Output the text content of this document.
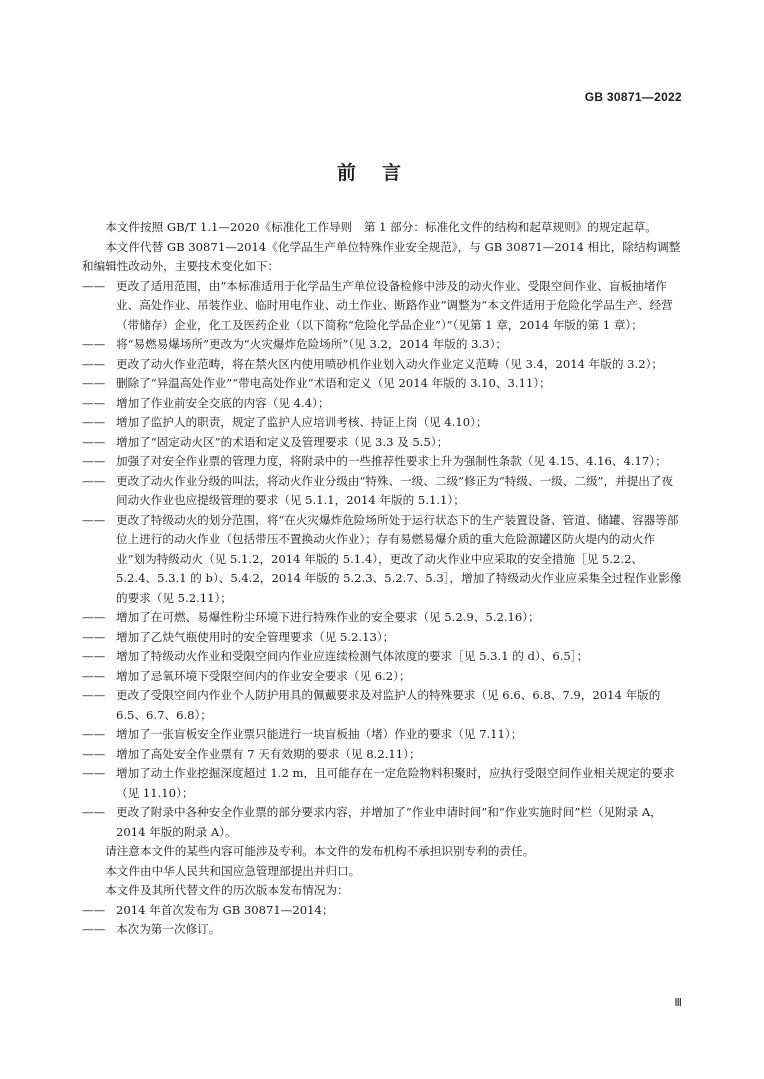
GB 30871—2022
前言

本文件按照 GB/T 1.1—2020《标准化工作导则　第 1 部分：标准化文件的结构和起草规则》的规定起草。

本文件代替 GB 30871—2014《化学品生产单位特殊作业安全规范》，与 GB 30871—2014 相比，除结构调整和编辑性改动外，主要技术变化如下：

—— 更改了适用范围，由“本标准适用于化学品生产单位设备检修中涉及的动火作业、受限空间作业、盲板抽堵作业、高处作业、吊装作业、临时用电作业、动土作业、断路作业”调整为“本文件适用于危险化学品生产、经营（带储存）企业，化工及医药企业（以下简称“危险化学品企业”）”（见第 1 章，2014 年版的第 1 章）；

—— 将“易燃易爆场所”更改为“火灾爆炸危险场所”（见 3.2，2014 年版的 3.3）；

—— 更改了动火作业范畴，将在禁火区内使用喷砂机作业划入动火作业定义范畴（见 3.4，2014 年版的 3.2）；

—— 删除了“异温高处作业”“带电高处作业”术语和定义（见 2014 年版的 3.10、3.11）；

—— 增加了作业前安全交底的内容（见 4.4）；

—— 增加了监护人的职责，规定了监护人应培训考核、持证上岗（见 4.10）；

—— 增加了“固定动火区”的术语和定义及管理要求（见 3.3 及 5.5）；

—— 加强了对安全作业票的管理力度，将附录中的一些推荐性要求上升为强制性条款（见 4.15、4.16、4.17）；

—— 更改了动火作业分级的叫法，将动火作业分级由“特殊、一级、二级”修正为“特级、一级、二级”，并提出了夜间动火作业也应提级管理的要求（见 5.1.1，2014 年版的 5.1.1）；

—— 更改了特级动火的划分范围，将“在火灾爆炸危险场所处于运行状态下的生产装置设备、管道、储罐、容器等部位上进行的动火作业（包括带压不置换动火作业）；存有易燃易爆介质的重大危险源罐区防火堤内的动火作业”划为特级动火（见 5.1.2，2014 年版的 5.1.4），更改了动火作业中应采取的安全措施［见 5.2.2、5.2.4、5.3.1 的 b）、5.4.2，2014 年版的 5.2.3、5.2.7、5.3］，增加了特级动火作业应采集全过程作业影像的要求（见 5.2.11）；

—— 增加了在可燃、易爆性粉尘环境下进行特殊作业的安全要求（见 5.2.9、5.2.16）；

—— 增加了乙炔气瓶使用时的安全管理要求（见 5.2.13）；

—— 增加了特级动火作业和受限空间内作业应连续检测气体浓度的要求［见 5.3.1 的 d）、6.5］；

—— 增加了忌氧环境下受限空间内的作业安全要求（见 6.2）；

—— 更改了受限空间内作业个人防护用具的佩戴要求及对监护人的特殊要求（见 6.6、6.8、7.9，2014 年版的 6.5、6.7、6.8）；

—— 增加了一张盲板安全作业票只能进行一块盲板抽（堵）作业的要求（见 7.11）；

—— 增加了高处安全作业票有 7 天有效期的要求（见 8.2.11）；

—— 增加了动土作业挖掘深度超过 1.2 m，且可能存在一定危险物料积聚时，应执行受限空间作业相关规定的要求（见 11.10）；

—— 更改了附录中各种安全作业票的部分要求内容，并增加了“作业申请时间”和“作业实施时间”栏（见附录 A，2014 年版的附录 A）。

请注意本文件的某些内容可能涉及专利。本文件的发布机构不承担识别专利的责任。

本文件由中华人民共和国应急管理部提出并归口。

本文件及其所代替文件的历次版本发布情况为：

—— 2014 年首次发布为 GB 30871—2014；

—— 本次为第一次修订。

Ⅲ
